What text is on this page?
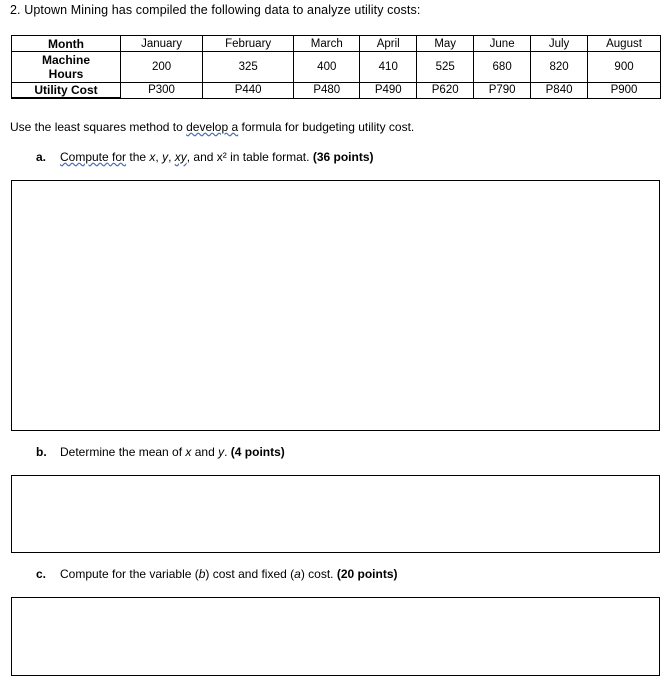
2. Uptown Mining has compiled the following data to analyze utility costs:
Month	January	February	March	April	May	June	July	August
Machine
Hours	200	325	400	410	525	680	820	900
Utility Cost	P300	P440	P480	P490	P620	P790	P840	P900
Use the least squares method to develop a formula for budgeting utility cost.
a. Compute for the x, y, xy, and x² in table format. (36 points)
b. Determine the mean of x and y. (4 points)
c. Compute for the variable (b) cost and fixed (a) cost. (20 points)
